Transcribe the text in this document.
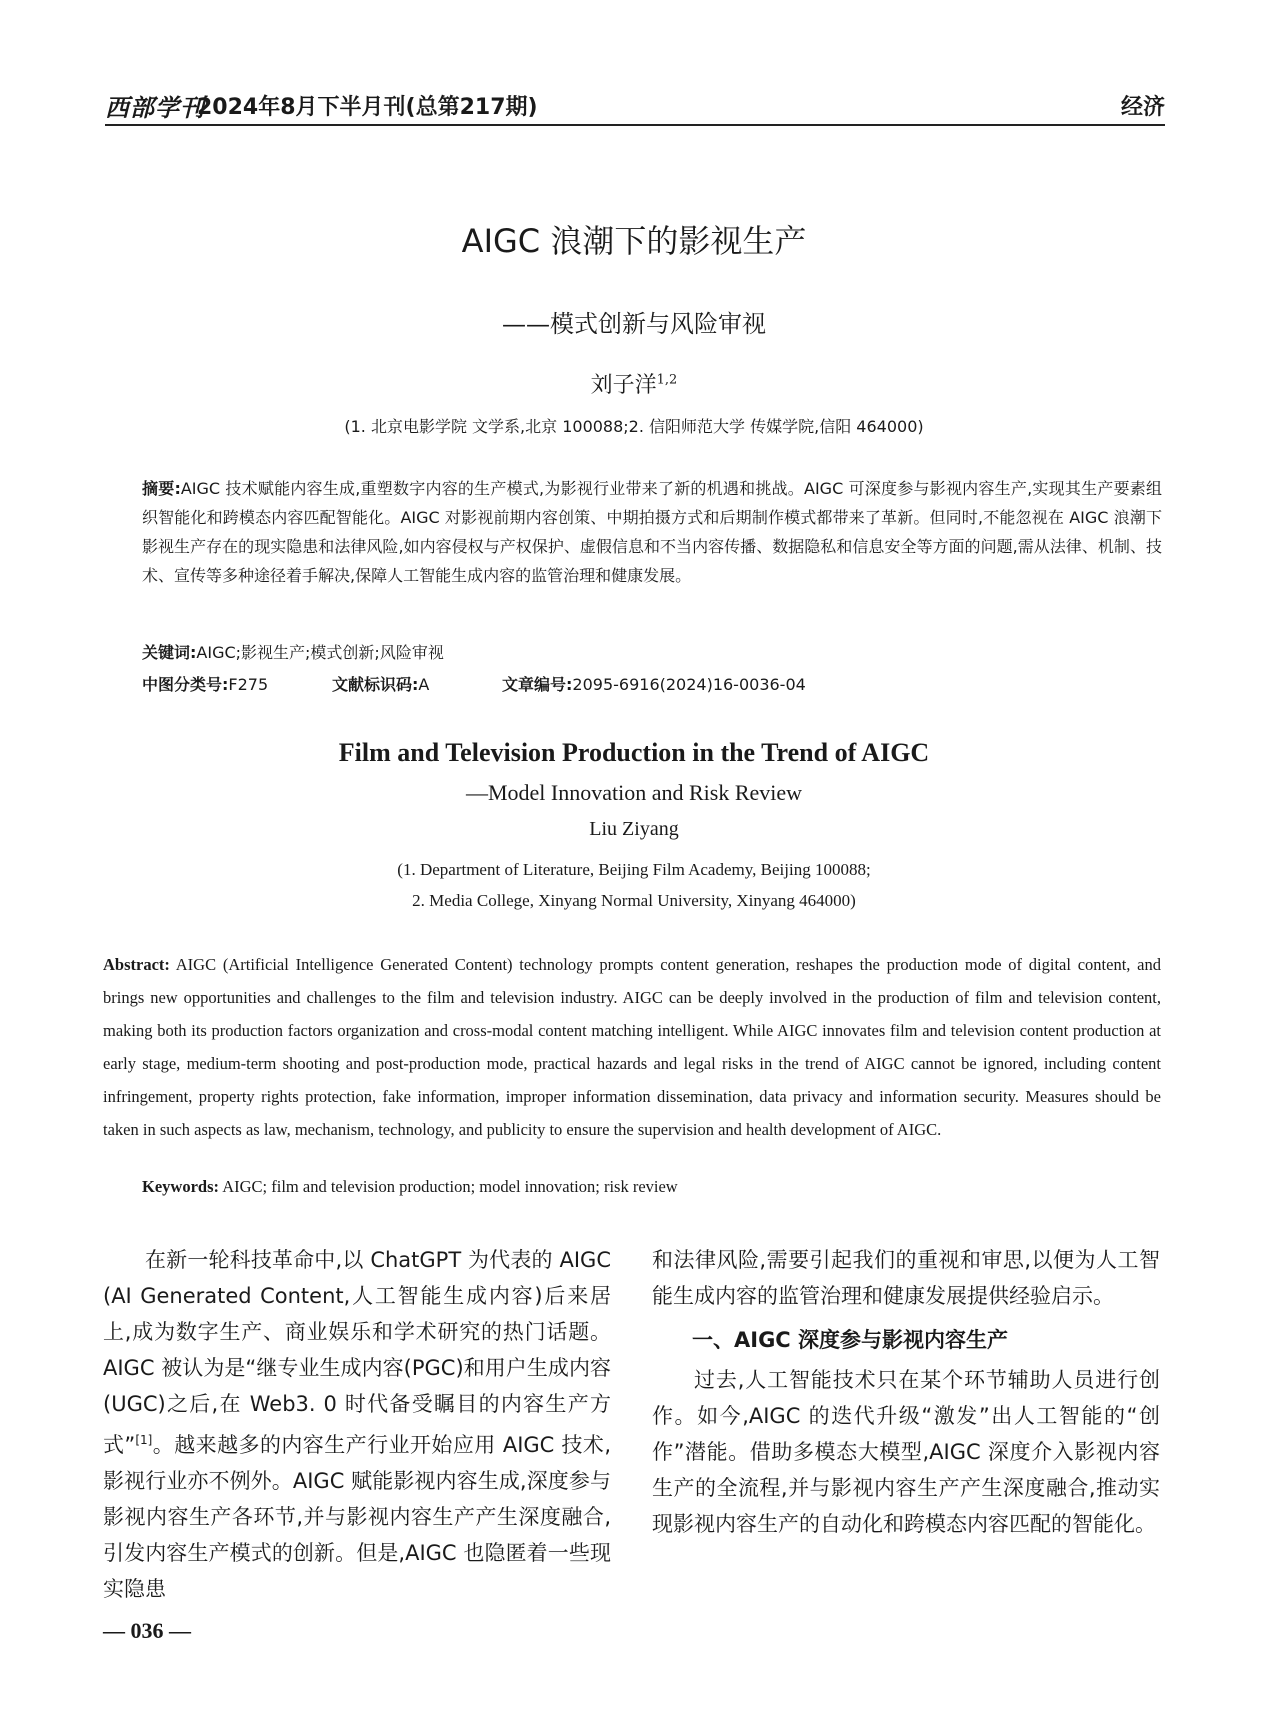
西部学刊
2024年8月下半月刊(总第217期)	经济
AIGC 浪潮下的影视生产
——模式创新与风险审视
刘子洋$^{1,2}$
(1. 北京电影学院 文学系,北京 100088;2. 信阳师范大学 传媒学院,信阳 464000)
摘要:AIGC 技术赋能内容生成,重塑数字内容的生产模式,为影视行业带来了新的机遇和挑战。AIGC 可深度参与影视内容生产,实现其生产要素组织智能化和跨模态内容匹配智能化。AIGC 对影视前期内容创策、中期拍摄方式和后期制作模式都带来了革新。但同时,不能忽视在 AIGC 浪潮下影视生产存在的现实隐患和法律风险,如内容侵权与产权保护、虚假信息和不当内容传播、数据隐私和信息安全等方面的问题,需从法律、机制、技术、宣传等多种途径着手解决,保障人工智能生成内容的监管治理和健康发展。
关键词:AIGC;影视生产;模式创新;风险审视
中图分类号:F275	文献标识码:A	文章编号:2095-6916(2024)16-0036-04
Film and Television Production in the Trend of AIGC
—Model Innovation and Risk Review
Liu Ziyang
(1. Department of Literature, Beijing Film Academy, Beijing 100088;
2. Media College, Xinyang Normal University, Xinyang 464000)
Abstract: AIGC (Artificial Intelligence Generated Content) technology prompts content generation, reshapes the production mode of digital content, and brings new opportunities and challenges to the film and television industry. AIGC can be deeply involved in the production of film and television content, making both its production factors organization and cross-modal content matching intelligent. While AIGC innovates film and television content production at early stage, medium-term shooting and post-production mode, practical hazards and legal risks in the trend of AIGC cannot be ignored, including content infringement, property rights protection, fake information, improper information dissemination, data privacy and information security. Measures should be taken in such aspects as law, mechanism, technology, and publicity to ensure the supervision and health development of AIGC.
Keywords: AIGC; film and television production; model innovation; risk review

在新一轮科技革命中,以 ChatGPT 为代表的 AIGC (AI Generated Content,人工智能生成内容)后来居上,成为数字生产、商业娱乐和学术研究的热门话题。AIGC 被认为是“继专业生成内容(PGC)和用户生成内容(UGC)之后,在 Web3. 0 时代备受瞩目的内容生产方式”[1]。越来越多的内容生产行业开始应用 AIGC 技术,影视行业亦不例外。AIGC 赋能影视内容生成,深度参与影视内容生产各环节,并与影视内容生产产生深度融合,引发内容生产模式的创新。但是,AIGC 也隐匿着一些现实隐患

和法律风险,需要引起我们的重视和审思,以便为人工智能生成内容的监管治理和健康发展提供经验启示。

一、AIGC 深度参与影视内容生产

过去,人工智能技术只在某个环节辅助人员进行创作。如今,AIGC 的迭代升级“激发”出人工智能的“创作”潜能。借助多模态大模型,AIGC 深度介入影视内容生产的全流程,并与影视内容生产产生深度融合,推动实现影视内容生产的自动化和跨模态内容匹配的智能化。

— 036 —
